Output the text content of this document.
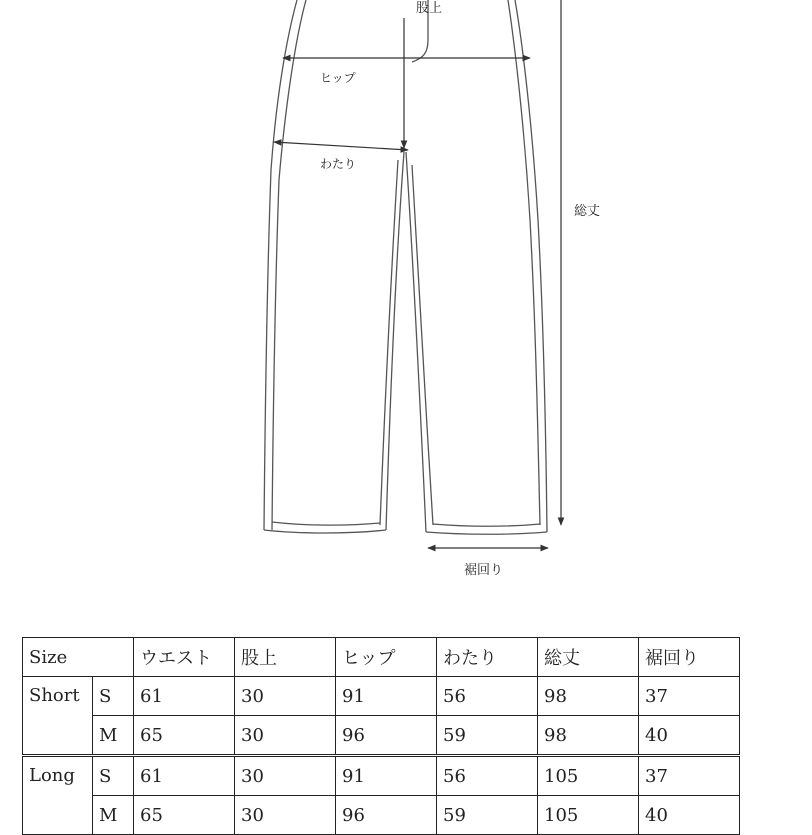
股上
ヒップ
わたり
総丈
裾回り
Size		ウエスト	股上	ヒップ	わたり	総丈	裾回り
Short	S	61	30	91	56	98	37
	M	65	30	96	59	98	40
Long	S	61	30	91	56	105	37
	M	65	30	96	59	105	40
